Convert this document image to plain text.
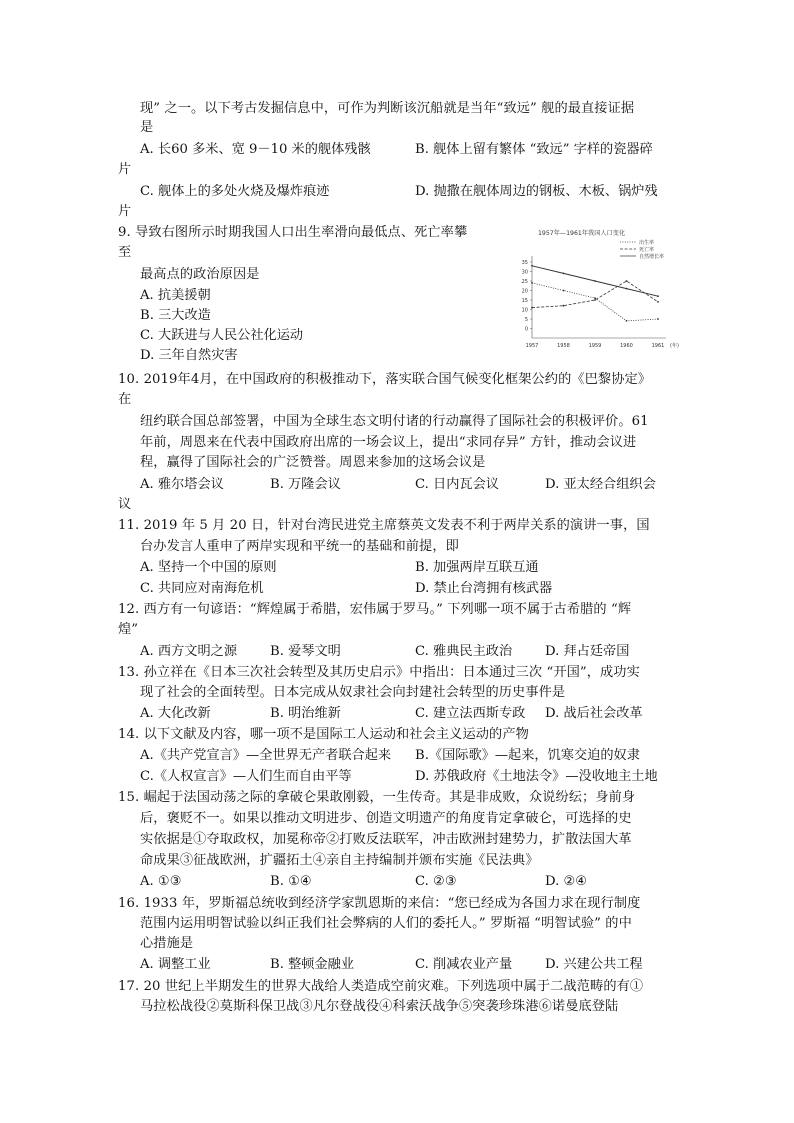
现” 之一。以下考古发掘信息中，可作为判断该沉船就是当年“致远” 舰的最直接证据
是
A. 长60 多米、宽 9－10 米的舰体残骸	B. 舰体上留有繁体 “致远” 字样的瓷器碎
片
C. 舰体上的多处火烧及爆炸痕迹	D. 抛撒在舰体周边的钢板、木板、锅炉残
片
9. 导致右图所示时期我国人口出生率滑向最低点、死亡率攀
至
最高点的政治原因是
A. 抗美援朝
B. 三大改造
C. 大跃进与人民公社化运动
D. 三年自然灾害
1957年—1961年我国人口变化
出生率
死亡率
自然增长率
0
5
10
15
20
25
30
35
1957	1958	1959	1960	1961 (年)
10. 2019年4月，在中国政府的积极推动下，落实联合国气候变化框架公约的《巴黎协定》
在
纽约联合国总部签署，中国为全球生态文明付诸的行动赢得了国际社会的积极评价。61
年前，周恩来在代表中国政府出席的一场会议上，提出“求同存异” 方针，推动会议进
程，赢得了国际社会的广泛赞誉。周恩来参加的这场会议是
A. 雅尔塔会议	B. 万隆会议	C. 日内瓦会议	D. 亚太经合组织会
议
11. 2019 年 5 月 20 日，针对台湾民进党主席蔡英文发表不利于两岸关系的演讲一事，国
台办发言人重申了两岸实现和平统一的基础和前提，即
A. 坚持一个中国的原则	B. 加强两岸互联互通
C. 共同应对南海危机	D. 禁止台湾拥有核武器
12. 西方有一句谚语：“辉煌属于希腊，宏伟属于罗马。” 下列哪一项不属于古希腊的 “辉
煌”
A. 西方文明之源 B. 爱琴文明	C. 雅典民主政治 D. 拜占廷帝国
13. 孙立祥在《日本三次社会转型及其历史启示》中指出：日本通过三次 “开国”，成功实
现了社会的全面转型。日本完成从奴隶社会向封建社会转型的历史事件是
A. 大化改新	B. 明治维新	C. 建立法西斯专政 D. 战后社会改革
14. 以下文献及内容，哪一项不是国际工人运动和社会主义运动的产物
A.《共产党宣言》—全世界无产者联合起来 B.《国际歌》—起来，饥寒交迫的奴隶
C.《人权宣言》—人们生而自由平等	D. 苏俄政府《土地法令》—没收地主土地
15. 崛起于法国动荡之际的拿破仑果敢刚毅，一生传奇。其是非成败，众说纷纭；身前身
后，褒贬不一。如果以推动文明进步、创造文明遗产的角度肯定拿破仑，可选择的史
实依据是①夺取政权，加冕称帝②打败反法联军，冲击欧洲封建势力，扩散法国大革
命成果③征战欧洲，扩疆拓土④亲自主持编制并颁布实施《民法典》
A. ①③	B. ①④	C. ②③	D. ②④
16. 1933 年，罗斯福总统收到经济学家凯恩斯的来信：“您已经成为各国力求在现行制度
范围内运用明智试验以纠正我们社会弊病的人们的委托人。” 罗斯福 “明智试验” 的中
心措施是
A. 调整工业	B. 整顿金融业	C. 削减农业产量 D. 兴建公共工程
17. 20 世纪上半期发生的世界大战给人类造成空前灾难。下列选项中属于二战范畴的有①
马拉松战役②莫斯科保卫战③凡尔登战役④科索沃战争⑤突袭珍珠港⑥诺曼底登陆
